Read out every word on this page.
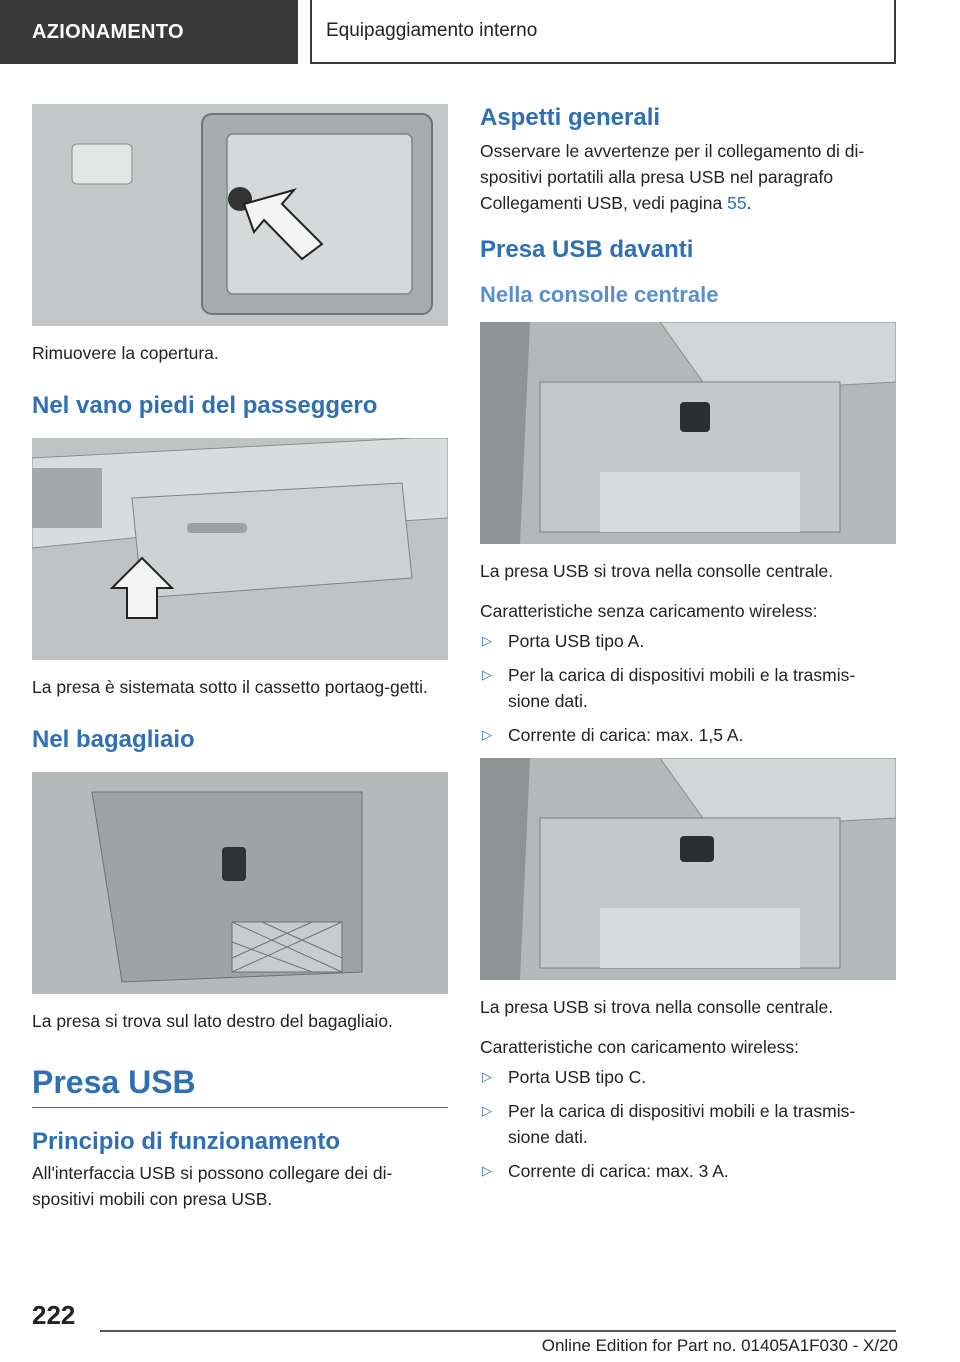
AZIONAMENTO	Equipaggiamento interno

Rimuovere la copertura.

Nel vano piedi del passeggero

La presa è sistemata sotto il cassetto portaog-getti.

Nel bagagliaio

La presa si trova sul lato destro del bagagliaio.

Presa USB

Principio di funzionamento

All'interfaccia USB si possono collegare dei di-spositivi mobili con presa USB.

Aspetti generali

Osservare le avvertenze per il collegamento di di-spositivi portatili alla presa USB nel paragrafo Collegamenti USB, vedi pagina 55.

Presa USB davanti

Nella consolle centrale

La presa USB si trova nella consolle centrale.

Caratteristiche senza caricamento wireless:

▷ Porta USB tipo A.
▷ Per la carica di dispositivi mobili e la trasmis-sione dati.
▷ Corrente di carica: max. 1,5 A.

La presa USB si trova nella consolle centrale.

Caratteristiche con caricamento wireless:

▷ Porta USB tipo C.
▷ Per la carica di dispositivi mobili e la trasmis-sione dati.
▷ Corrente di carica: max. 3 A.
222
Online Edition for Part no. 01405A1F030 - X/20
